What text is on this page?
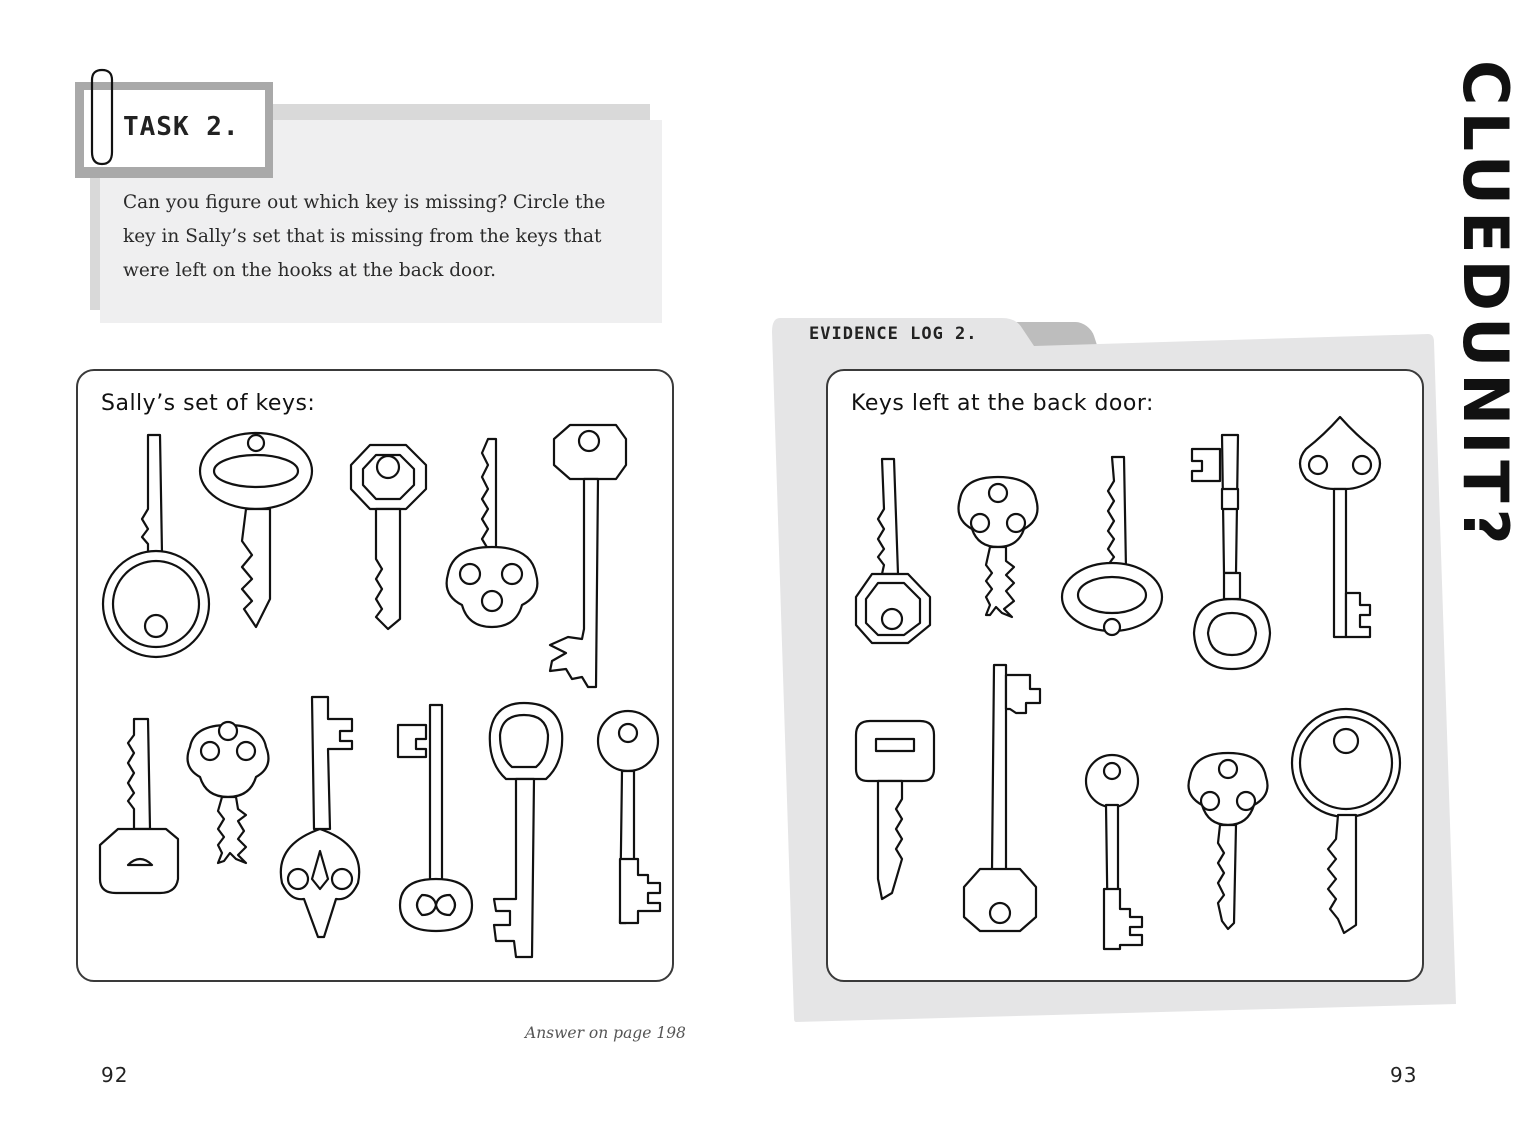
TASK 2.
Can you figure out which key is missing? Circle the key in Sally’s set that is missing from the keys that were left on the hooks at the back door.
Sally’s set of keys:
EVIDENCE LOG 2.
Keys left at the back door:
Answer on page 198
92	93
CLUEDUNIT?
